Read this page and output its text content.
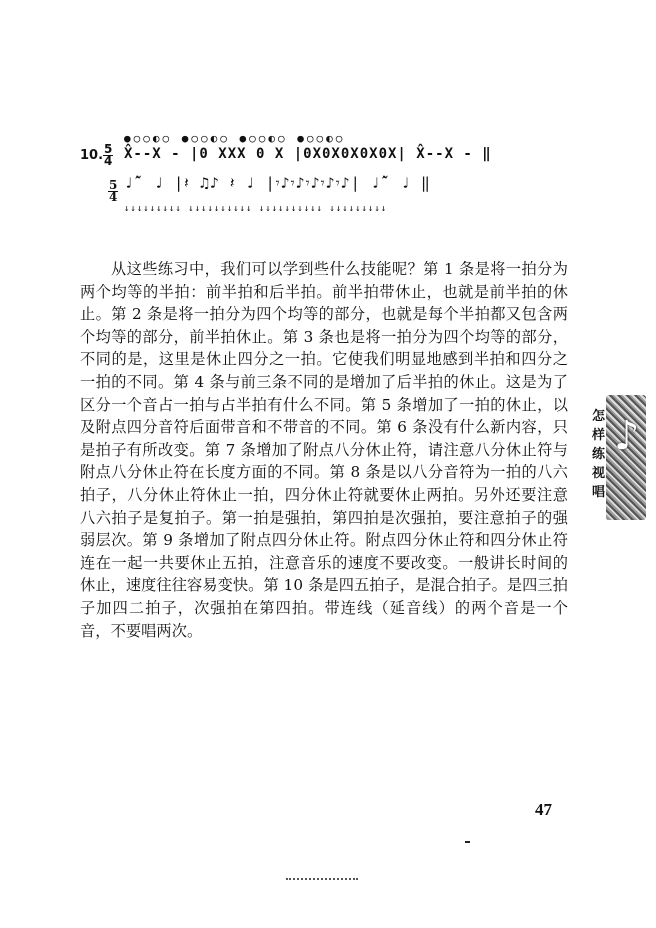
10. $\frac{5}{4}$
$\frac{5}{4}$
●○○◐○ ●○○◐○ ●○○◐○ ●○○◐○
X̂--X - |0 XXX 0 X |0X0X0X0X0X| X̂--X - ‖
♩̂˘ ♩ |𝄽 ♫♪ 𝄽 ♩ |𝄾♪𝄾♪𝄾♪𝄾♪𝄾♪| ♩̂˘ ♩ ‖
↓↓↓↓↓↓↓↓↓ ↓↓↓↓↓↓↓↓↓↓ ↓↓↓↓↓↓↓↓↓↓ ↓↓↓↓↓↓↓↓↓
从这些练习中，我们可以学到些什么技能呢？第 1 条是将一拍分为两个均等的半拍：前半拍和后半拍。前半拍带休止，也就是前半拍的休止。第 2 条是将一拍分为四个均等的部分，也就是每个半拍都又包含两个均等的部分，前半拍休止。第 3 条也是将一拍分为四个均等的部分，不同的是，这里是休止四分之一拍。它使我们明显地感到半拍和四分之一拍的不同。第 4 条与前三条不同的是增加了后半拍的休止。这是为了区分一个音占一拍与占半拍有什么不同。第 5 条增加了一拍的休止，以及附点四分音符后面带音和不带音的不同。第 6 条没有什么新内容，只是拍子有所改变。第 7 条增加了附点八分休止符，请注意八分休止符与附点八分休止符在长度方面的不同。第 8 条是以八分音符为一拍的八六拍子，八分休止符休止一拍，四分休止符就要休止两拍。另外还要注意八六拍子是复拍子。第一拍是强拍，第四拍是次强拍，要注意拍子的强弱层次。第 9 条增加了附点四分休止符。附点四分休止符和四分休止符连在一起一共要休止五拍，注意音乐的速度不要改变。一般讲长时间的休止，速度往往容易变快。第 10 条是四五拍子，是混合拍子。是四三拍子加四二拍子，次强拍在第四拍。带连线（延音线）的两个音是一个音，不要唱两次。
怎
样
练
视
唱
♪
47
